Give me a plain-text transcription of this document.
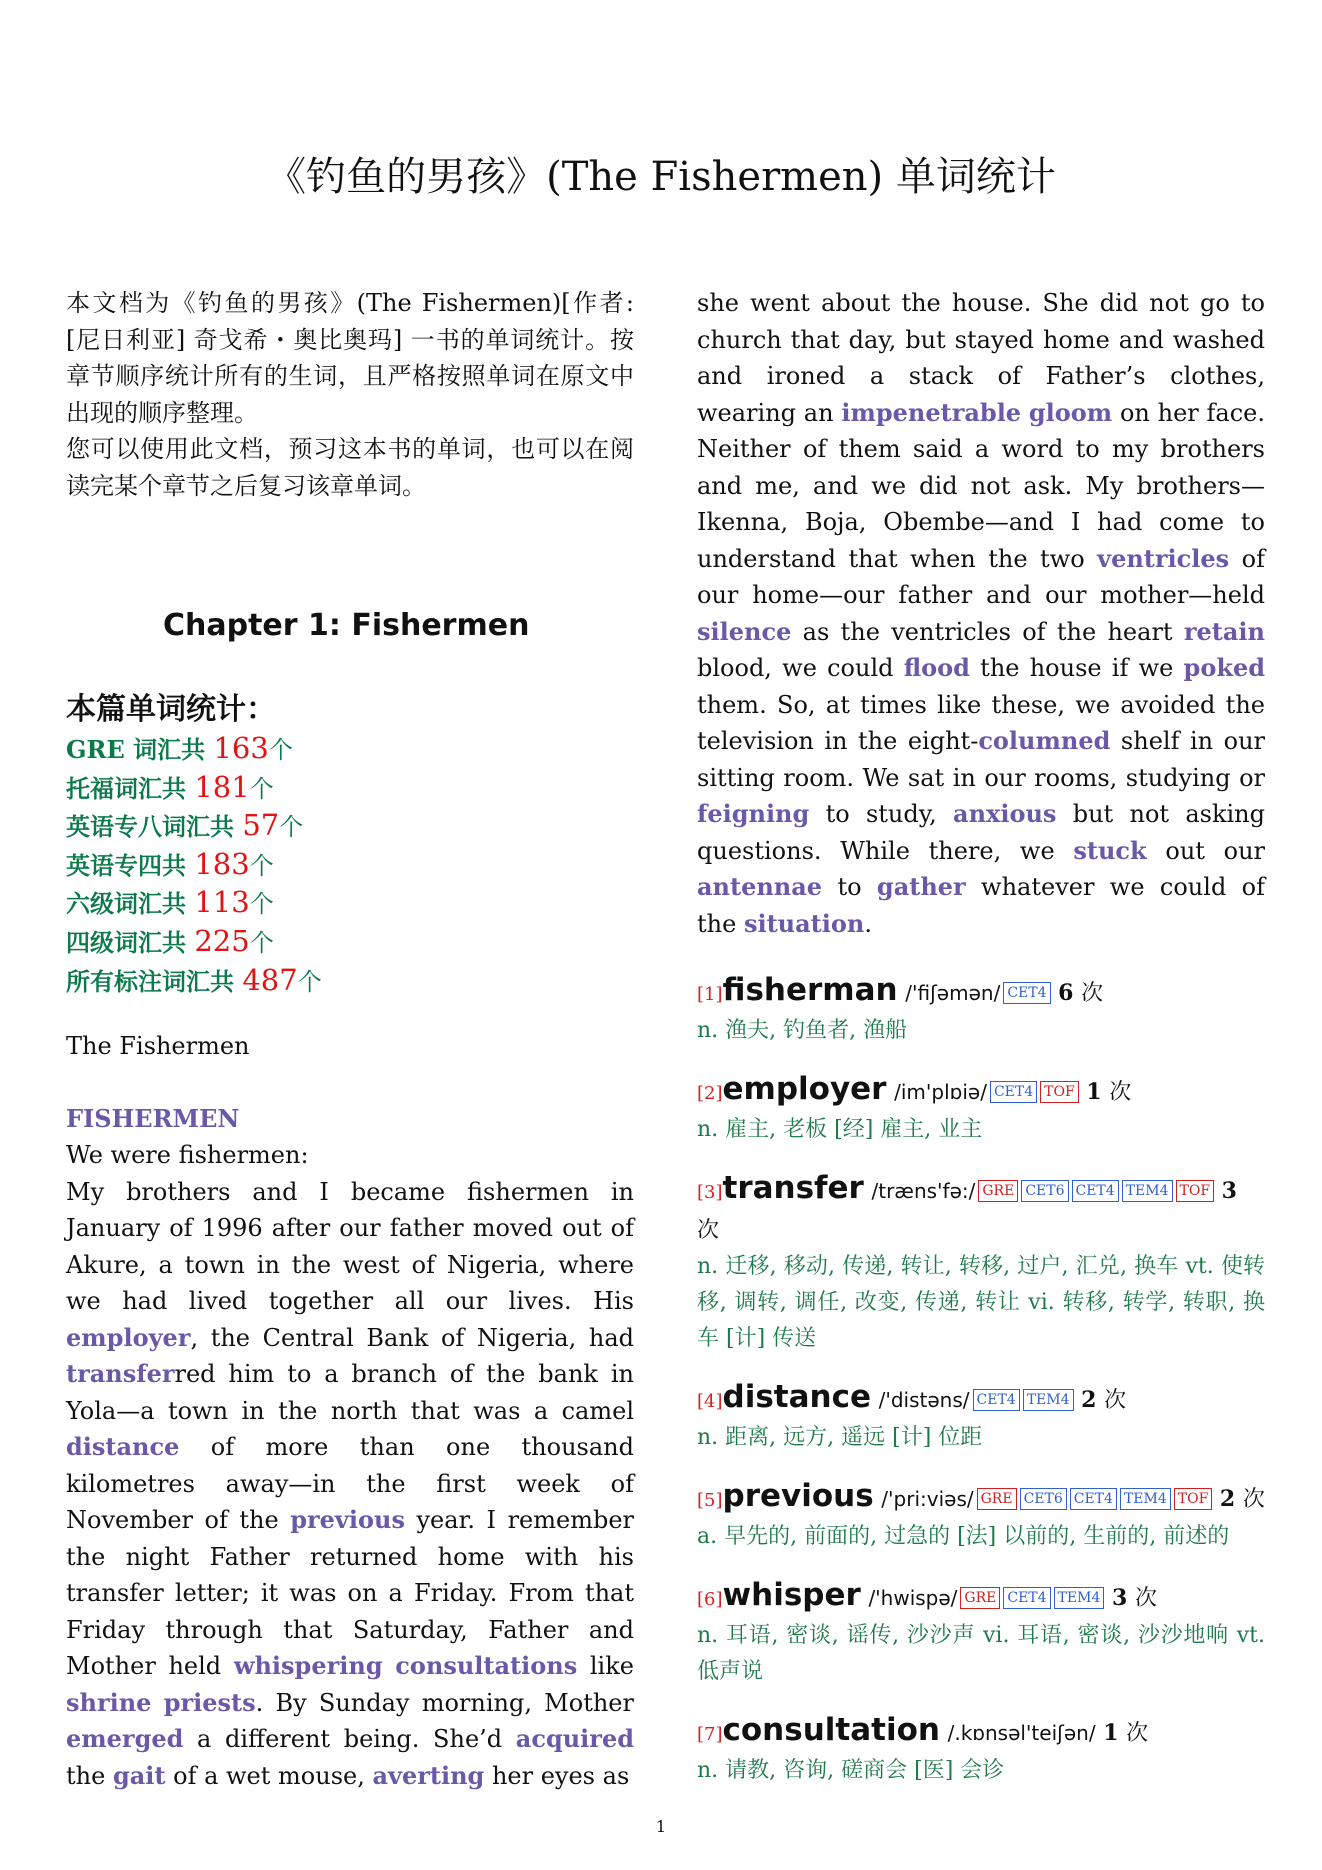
《钓鱼的男孩》(The Fishermen) 单词统计

本文档为《钓鱼的男孩》(The Fishermen)[作者: [尼日利亚] 奇戈希・奥比奥玛] 一书的单词统计。按章节顺序统计所有的生词，且严格按照单词在原文中出现的顺序整理。

您可以使用此文档，预习这本书的单词，也可以在阅读完某个章节之后复习该章单词。

Chapter 1: Fishermen
本篇单词统计：
GRE 词汇共 163个
托福词汇共 181个
英语专八词汇共 57个
英语专四共 183个
六级词汇共 113个
四级词汇共 225个
所有标注词汇共 487个
The Fishermen
FISHERMEN

We were fishermen:

My brothers and I became fishermen in January of 1996 after our father moved out of Akure, a town in the west of Nigeria, where we had lived together all our lives. His employer, the Central Bank of Nigeria, had transferred him to a branch of the bank in Yola—a town in the north that was a camel distance of more than one thousand kilometres away—in the first week of November of the previous year. I remember the night Father returned home with his transfer letter; it was on a Friday. From that Friday through that Saturday, Father and Mother held whispering consultations like shrine priests. By Sunday morning, Mother emerged a different being. She’d acquired the gait of a wet mouse, averting her eyes as

she went about the house. She did not go to church that day, but stayed home and washed and ironed a stack of Father’s clothes, wearing an impenetrable gloom on her face. Neither of them said a word to my brothers and me, and we did not ask. My brothers—Ikenna, Boja, Obembe—and I had come to understand that when the two ventricles of our home—our father and our mother—held silence as the ventricles of the heart retain blood, we could flood the house if we poked them. So, at times like these, we avoided the television in the eight-columned shelf in our sitting room. We sat in our rooms, studying or feigning to study, anxious but not asking questions. While there, we stuck out our antennae to gather whatever we could of the situation.

[1]fisherman /'fiʃəmən/ CET4 6 次
n. 渔夫, 钓鱼者, 渔船
[2]employer /im'plɒiə/ CET4 TOF 1 次
n. 雇主, 老板 [经] 雇主, 业主
[3]transfer /træns'fə:/ GRE CET6 CET4 TEM4 TOF 3 次
n. 迁移, 移动, 传递, 转让, 转移, 过户, 汇兑, 换车 vt. 使转移, 调转, 调任, 改变, 传递, 转让 vi. 转移, 转学, 转职, 换车 [计] 传送
[4]distance /'distəns/ CET4 TEM4 2 次
n. 距离, 远方, 遥远 [计] 位距
[5]previous /'pri:viəs/ GRE CET6 CET4 TEM4 TOF 2 次
a. 早先的, 前面的, 过急的 [法] 以前的, 生前的, 前述的
[6]whisper /'hwispə/ GRE CET4 TEM4 3 次
n. 耳语, 密谈, 谣传, 沙沙声 vi. 耳语, 密谈, 沙沙地响 vt. 低声说
[7]consultation /.kɒnsəl'teiʃən/ 1 次
n. 请教, 咨询, 磋商会 [医] 会诊
1
